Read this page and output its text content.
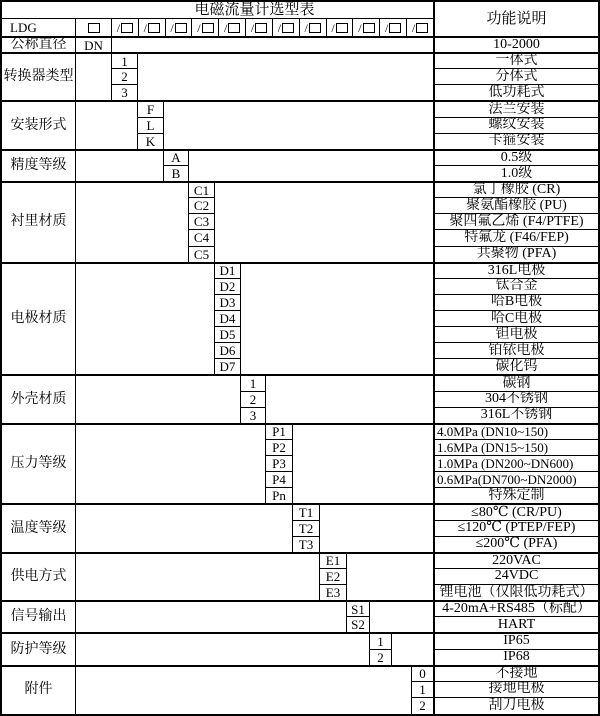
电磁流量计选型表
功能说明
LDG	/ / / / / / / / / / / /
公称直径	DN	10-2000
转换器类型
1	一体式
2	分体式
3	低功耗式
安装形式
F	法兰安装
L	螺纹安装
K	卡箍安装
精度等级
A	0.5级
B	1.0级
衬里材质
C1	氯丁橡胶 (CR)
C2	聚氨酯橡胶 (PU)
C3	聚四氟乙烯 (F4/PTFE)
C4	特氟龙 (F46/FEP)
C5	共聚物 (PFA)
电极材质
D1	316L电极
D2	钛合金
D3	哈B电极
D4	哈C电极
D5	钽电极
D6	铂铱电极
D7	碳化钨
外壳材质
1	碳钢
2	304不锈钢
3	316L不锈钢
压力等级
P1	4.0MPa (DN10~150)
P2	1.6MPa (DN15~150)
P3	1.0MPa (DN200~DN600)
P4	0.6MPa(DN700~DN2000)
Pn	特殊定制
温度等级
T1	≤80℃ (CR/PU)
T2	≤120℃ (PTEP/FEP)
T3	≤200℃ (PFA)
供电方式
E1	220VAC
E2	24VDC
E3	锂电池（仅限低功耗式）
信号输出
S1	4-20mA+RS485（标配）
S2	HART
防护等级
1	IP65
2	IP68
附件
0	不接地
1	接地电极
2	刮刀电极
